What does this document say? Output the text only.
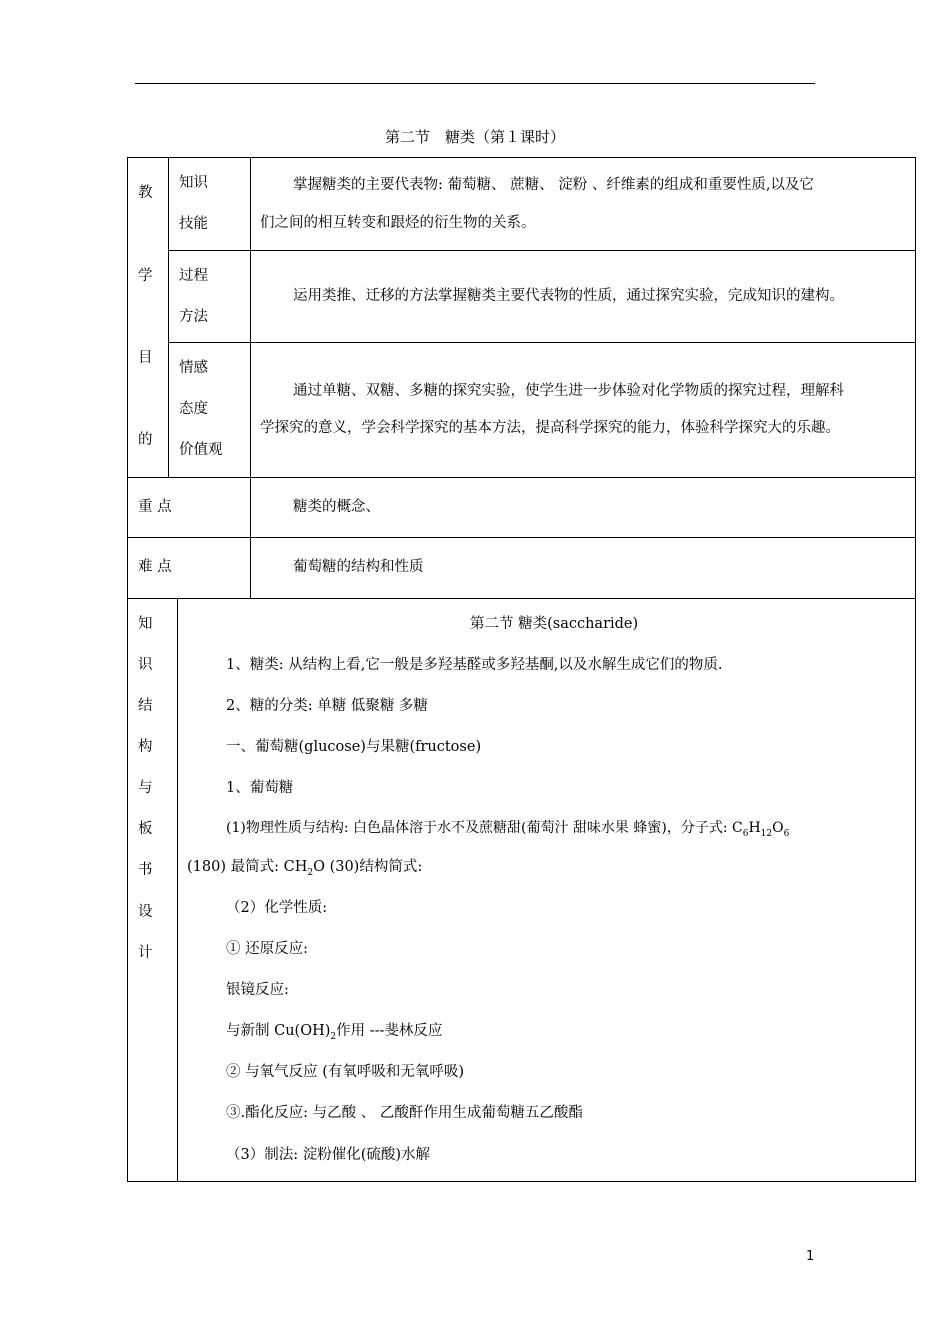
第二节　糖类（第１课时）
教
学
目
的
知识
技能
掌握糖类的主要代表物: 葡萄糖、 蔗糖、 淀粉 、纤维素的组成和重要性质,以及它
们之间的相互转变和跟烃的衍生物的关系。
过程
方法
运用类推、迁移的方法掌握糖类主要代表物的性质，通过探究实验，完成知识的建构。
情感
态度
价值观
通过单糖、双糖、多糖的探究实验，使学生进一步体验对化学物质的探究过程，理解科
学探究的意义，学会科学探究的基本方法，提高科学探究的能力，体验科学探究大的乐趣。
重 点	糖类的概念、
难 点	葡萄糖的结构和性质
知
识
结
构
与
板
书
设
计
第二节 糖类(saccharide)
1、糖类: 从结构上看,它一般是多羟基醛或多羟基酮,以及水解生成它们的物质.
2、糖的分类: 单糖 低聚糖 多糖
一、葡萄糖(glucose)与果糖(fructose)
1、葡萄糖
(1)物理性质与结构: 白色晶体溶于水不及蔗糖甜(葡萄汁 甜味水果 蜂蜜)，分子式: $C_6H_{12}O_6$
(180) 最简式: $CH_2O$ (30)结构简式:
（2）化学性质:
① 还原反应:
银镜反应:
与新制 $Cu(OH)_2$作用 ---斐林反应
② 与氧气反应 (有氧呼吸和无氧呼吸)
③.酯化反应: 与乙酸 、 乙酸酐作用生成葡萄糖五乙酸酯
（3）制法: 淀粉催化(硫酸)水解
1
